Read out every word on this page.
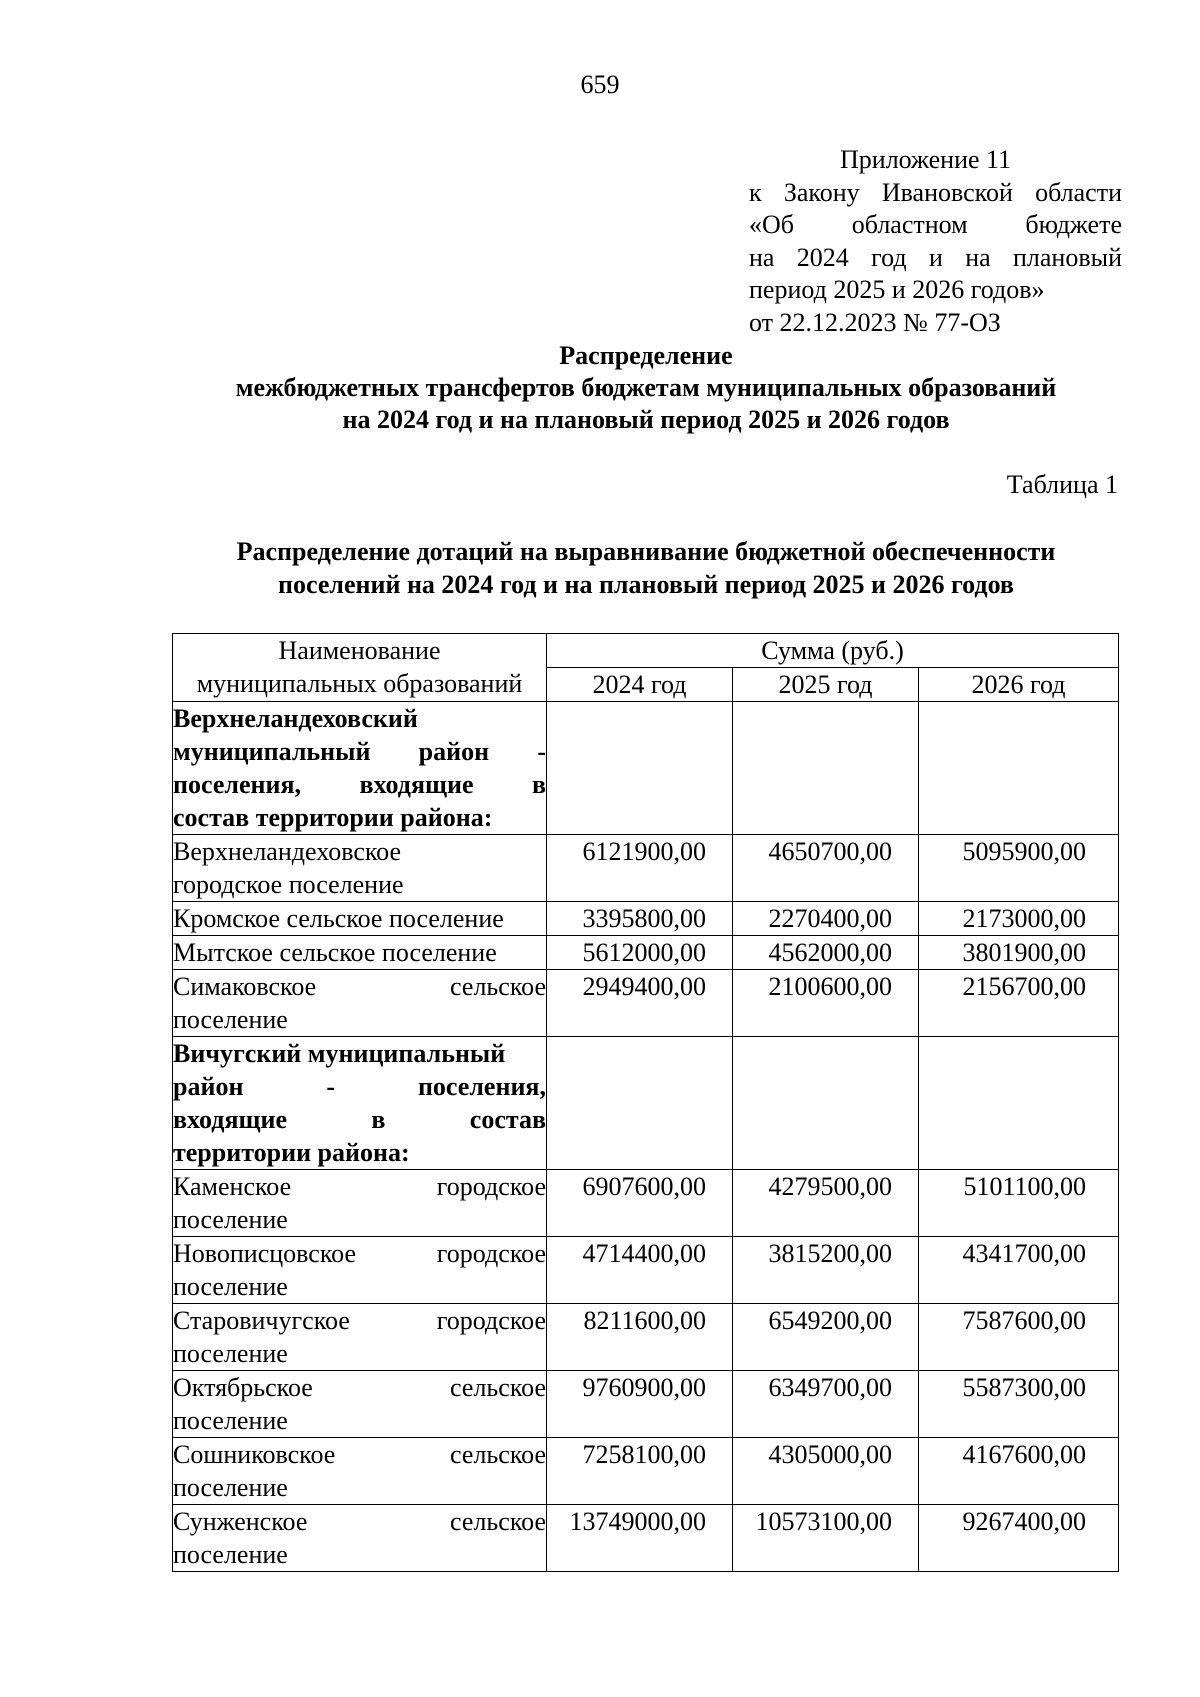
659
Приложение 11
к Закону Ивановской области
«Об областном бюджете
на 2024 год и на плановый
период 2025 и 2026 годов»
от 22.12.2023 № 77-ОЗ
Распределение
межбюджетных трансфертов бюджетам муниципальных образований
на 2024 год и на плановый период 2025 и 2026 годов
Таблица 1
Распределение дотаций на выравнивание бюджетной обеспеченности
поселений на 2024 год и на плановый период 2025 и 2026 годов
Наименование
муниципальных образований	Сумма (руб.)		
	2024 год	2025 год	2026 год

Верхнеландеховский
муниципальный район -
поселения, входящие в
состав территории района:			

Верхнеландеховское
городское поселение	6121900,00	4650700,00	5095900,00

Кромское сельское поселение	3395800,00	2270400,00	2173000,00

Мытское сельское поселение	5612000,00	4562000,00	3801900,00

Симаковское сельское
поселение	2949400,00	2100600,00	2156700,00

Вичугский муниципальный
район - поселения,
входящие в состав
территории района:			

Каменское городское
поселение	6907600,00	4279500,00	5101100,00

Новописцовское городское
поселение	4714400,00	3815200,00	4341700,00

Старовичугское городское
поселение	8211600,00	6549200,00	7587600,00

Октябрьское сельское
поселение	9760900,00	6349700,00	5587300,00

Сошниковское сельское
поселение	7258100,00	4305000,00	4167600,00

Сунженское сельское
поселение	13749000,00	10573100,00	9267400,00
